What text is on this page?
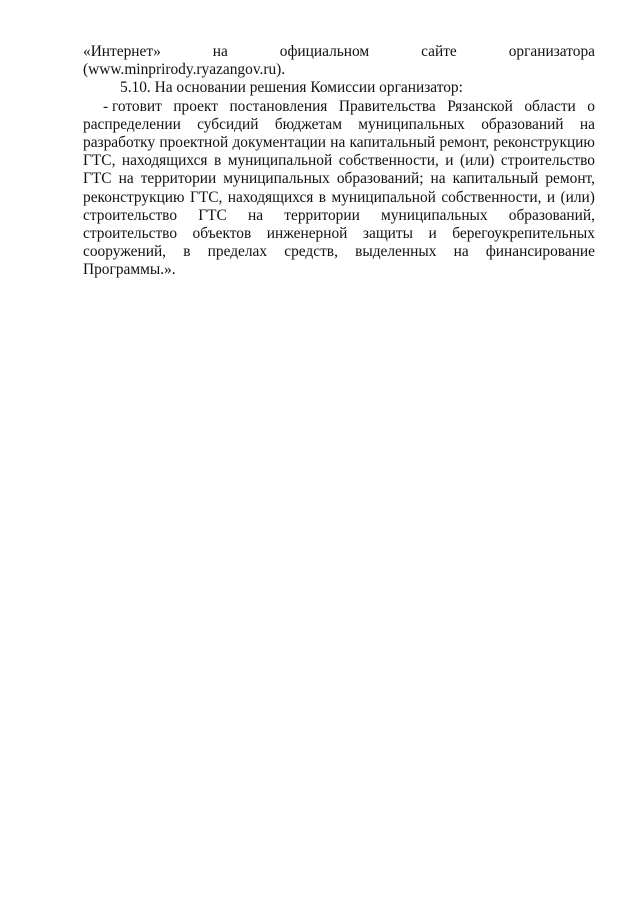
«Интернет»	на	официальном	сайте	организатора
(www.minprirody.ryazangov.ru).
5.10. На основании решения Комиссии организатор:
- готовит проект постановления Правительства Рязанской области о
распределении субсидий бюджетам муниципальных образований на
разработку проектной документации на капитальный ремонт, реконструкцию
ГТС, находящихся в муниципальной собственности, и (или) строительство
ГТС на территории муниципальных образований; на капитальный ремонт,
реконструкцию ГТС, находящихся в муниципальной собственности, и (или)
строительство ГТС на территории муниципальных образований,
строительство объектов инженерной защиты и берегоукрепительных
сооружений, в пределах средств, выделенных на финансирование
Программы.».
